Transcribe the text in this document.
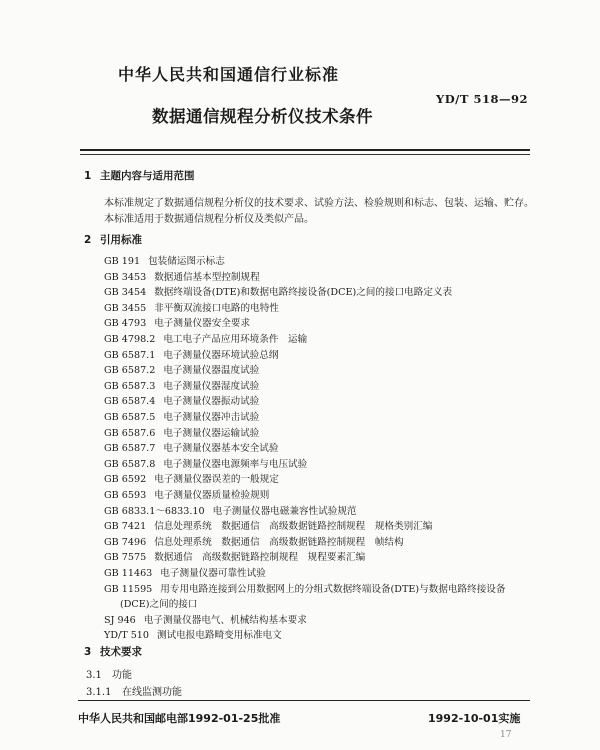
中华人民共和国通信行业标准
YD/T 518—92
数据通信规程分析仪技术条件
1 主题内容与适用范围
本标准规定了数据通信规程分析仪的技术要求、试验方法、检验规则和标志、包装、运输、贮存。
本标准适用于数据通信规程分析仪及类似产品。
2 引用标准
GB 191 包装储运图示标志
GB 3453 数据通信基本型控制规程
GB 3454 数据终端设备(DTE)和数据电路终接设备(DCE)之间的接口电路定义表
GB 3455 非平衡双流接口电路的电特性
GB 4793 电子测量仪器安全要求
GB 4798.2 电工电子产品应用环境条件　运输
GB 6587.1 电子测量仪器环境试验总纲
GB 6587.2 电子测量仪器温度试验
GB 6587.3 电子测量仪器湿度试验
GB 6587.4 电子测量仪器振动试验
GB 6587.5 电子测量仪器冲击试验
GB 6587.6 电子测量仪器运输试验
GB 6587.7 电子测量仪器基本安全试验
GB 6587.8 电子测量仪器电源频率与电压试验
GB 6592 电子测量仪器误差的一般规定
GB 6593 电子测量仪器质量检验规则
GB 6833.1～6833.10 电子测量仪器电磁兼容性试验规范
GB 7421 信息处理系统　数据通信　高级数据链路控制规程　规格类别汇编
GB 7496 信息处理系统　数据通信　高级数据链路控制规程　帧结构
GB 7575 数据通信　高级数据链路控制规程　规程要素汇编
GB 11463 电子测量仪器可靠性试验
GB 11595 用专用电路连接到公用数据网上的分组式数据终端设备(DTE)与数据电路终接设备
(DCE)之间的接口
SJ 946 电子测量仪器电气、机械结构基本要求
YD/T 510 测试电报电路畸变用标准电文
3 技术要求
3.1 功能
3.1.1 在线监测功能
中华人民共和国邮电部1992-01-25批准	1992-10-01实施
17
